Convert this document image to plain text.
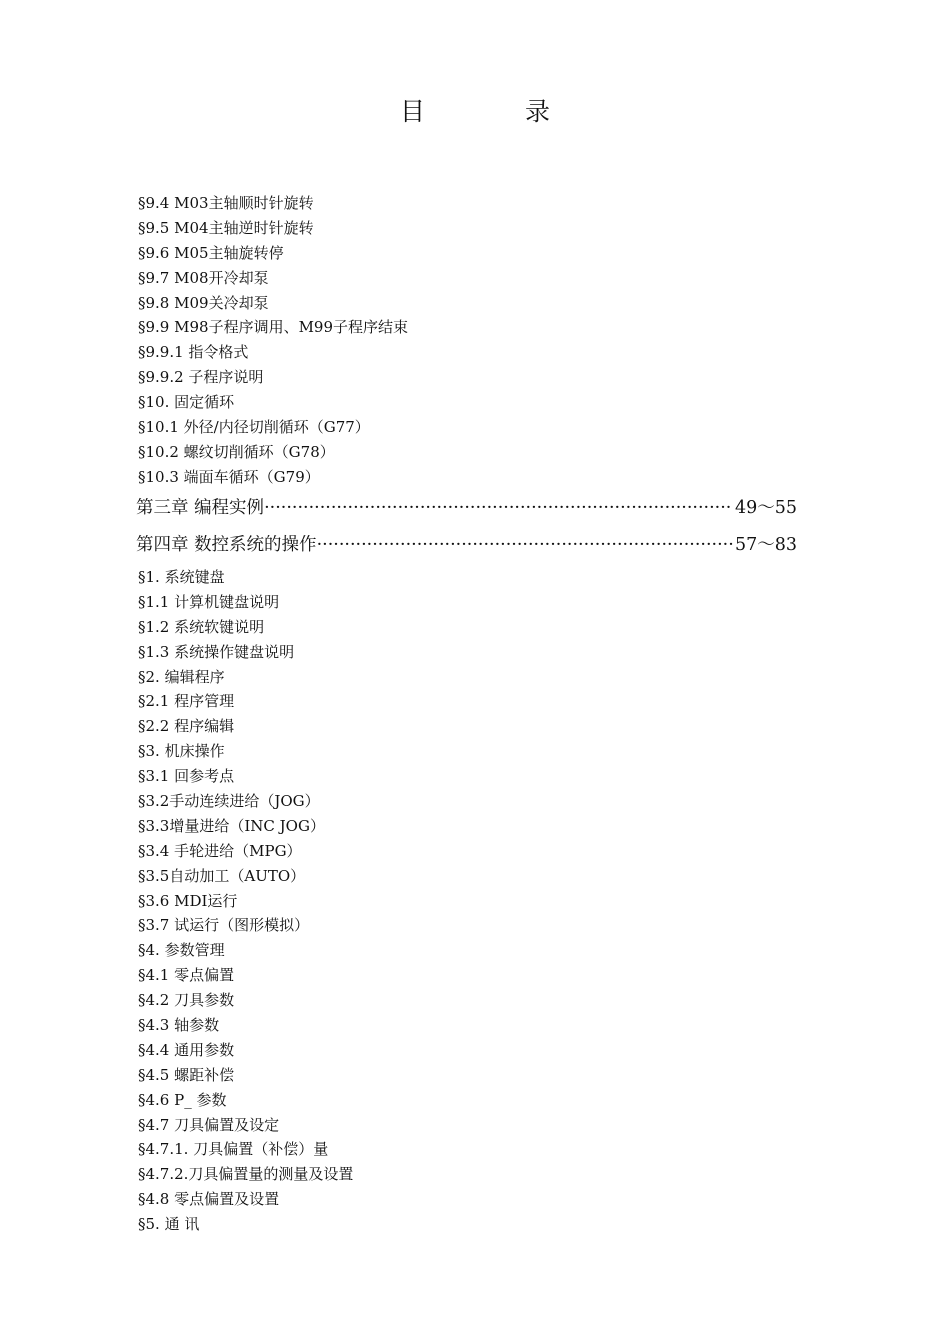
目 录
§9.4 M03主轴顺时针旋转
§9.5 M04主轴逆时针旋转
§9.6 M05主轴旋转停
§9.7 M08开冷却泵
§9.8 M09关冷却泵
§9.9 M98子程序调用、M99子程序结束
§9.9.1 指令格式
§9.9.2 子程序说明
§10. 固定循环
§10.1 外径/内径切削循环（G77）
§10.2 螺纹切削循环（G78）
§10.3 端面车循环（G79）
第三章 编程实例 ·····	49～55
第四章 数控系统的操作 ·····	57～83
§1. 系统键盘
§1.1 计算机键盘说明
§1.2 系统软键说明
§1.3 系统操作键盘说明
§2. 编辑程序
§2.1 程序管理
§2.2 程序编辑
§3. 机床操作
§3.1 回参考点
§3.2手动连续进给（JOG）
§3.3增量进给（INC JOG）
§3.4 手轮进给（MPG）
§3.5自动加工（AUTO）
§3.6 MDI运行
§3.7 试运行（图形模拟）
§4. 参数管理
§4.1 零点偏置
§4.2 刀具参数
§4.3 轴参数
§4.4 通用参数
§4.5 螺距补偿
§4.6 P_ 参数
§4.7 刀具偏置及设定
§4.7.1. 刀具偏置（补偿）量
§4.7.2.刀具偏置量的测量及设置
§4.8 零点偏置及设置
§5. 通 讯
